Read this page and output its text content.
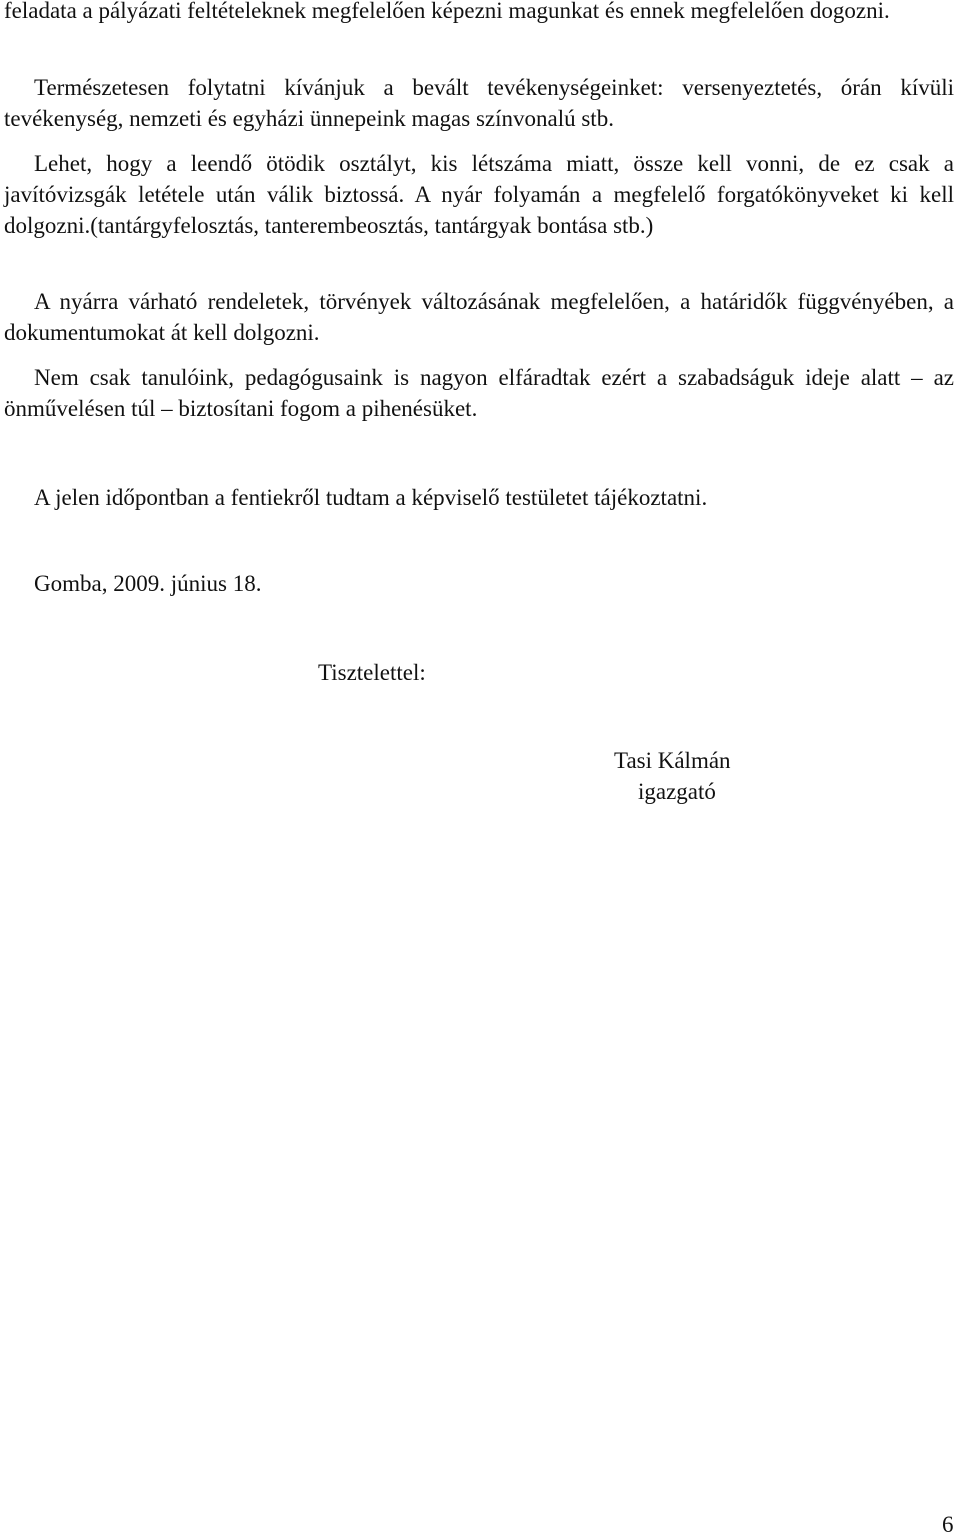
feladata a pályázati feltételeknek megfelelően képezni magunkat és ennek megfelelően dogozni.

Természetesen folytatni kívánjuk a bevált tevékenységeinket: versenyeztetés, órán kívüli tevékenység, nemzeti és egyházi ünnepeink magas színvonalú stb.

Lehet, hogy a leendő ötödik osztályt, kis létszáma miatt, össze kell vonni, de ez csak a javítóvizsgák letétele után válik biztossá. A nyár folyamán a megfelelő forgatókönyveket ki kell dolgozni.(tantárgyfelosztás, tanterembeosztás, tantárgyak bontása stb.)

A nyárra várható rendeletek, törvények változásának megfelelően, a határidők függvényében, a dokumentumokat át kell dolgozni.

Nem csak tanulóink, pedagógusaink is nagyon elfáradtak ezért a szabadságuk ideje alatt – az önművelésen túl – biztosítani fogom a pihenésüket.

A jelen időpontban a fentiekről tudtam a képviselő testületet tájékoztatni.

Gomba, 2009. június 18.

Tisztelettel:

Tasi Kálmán

igazgató

6
